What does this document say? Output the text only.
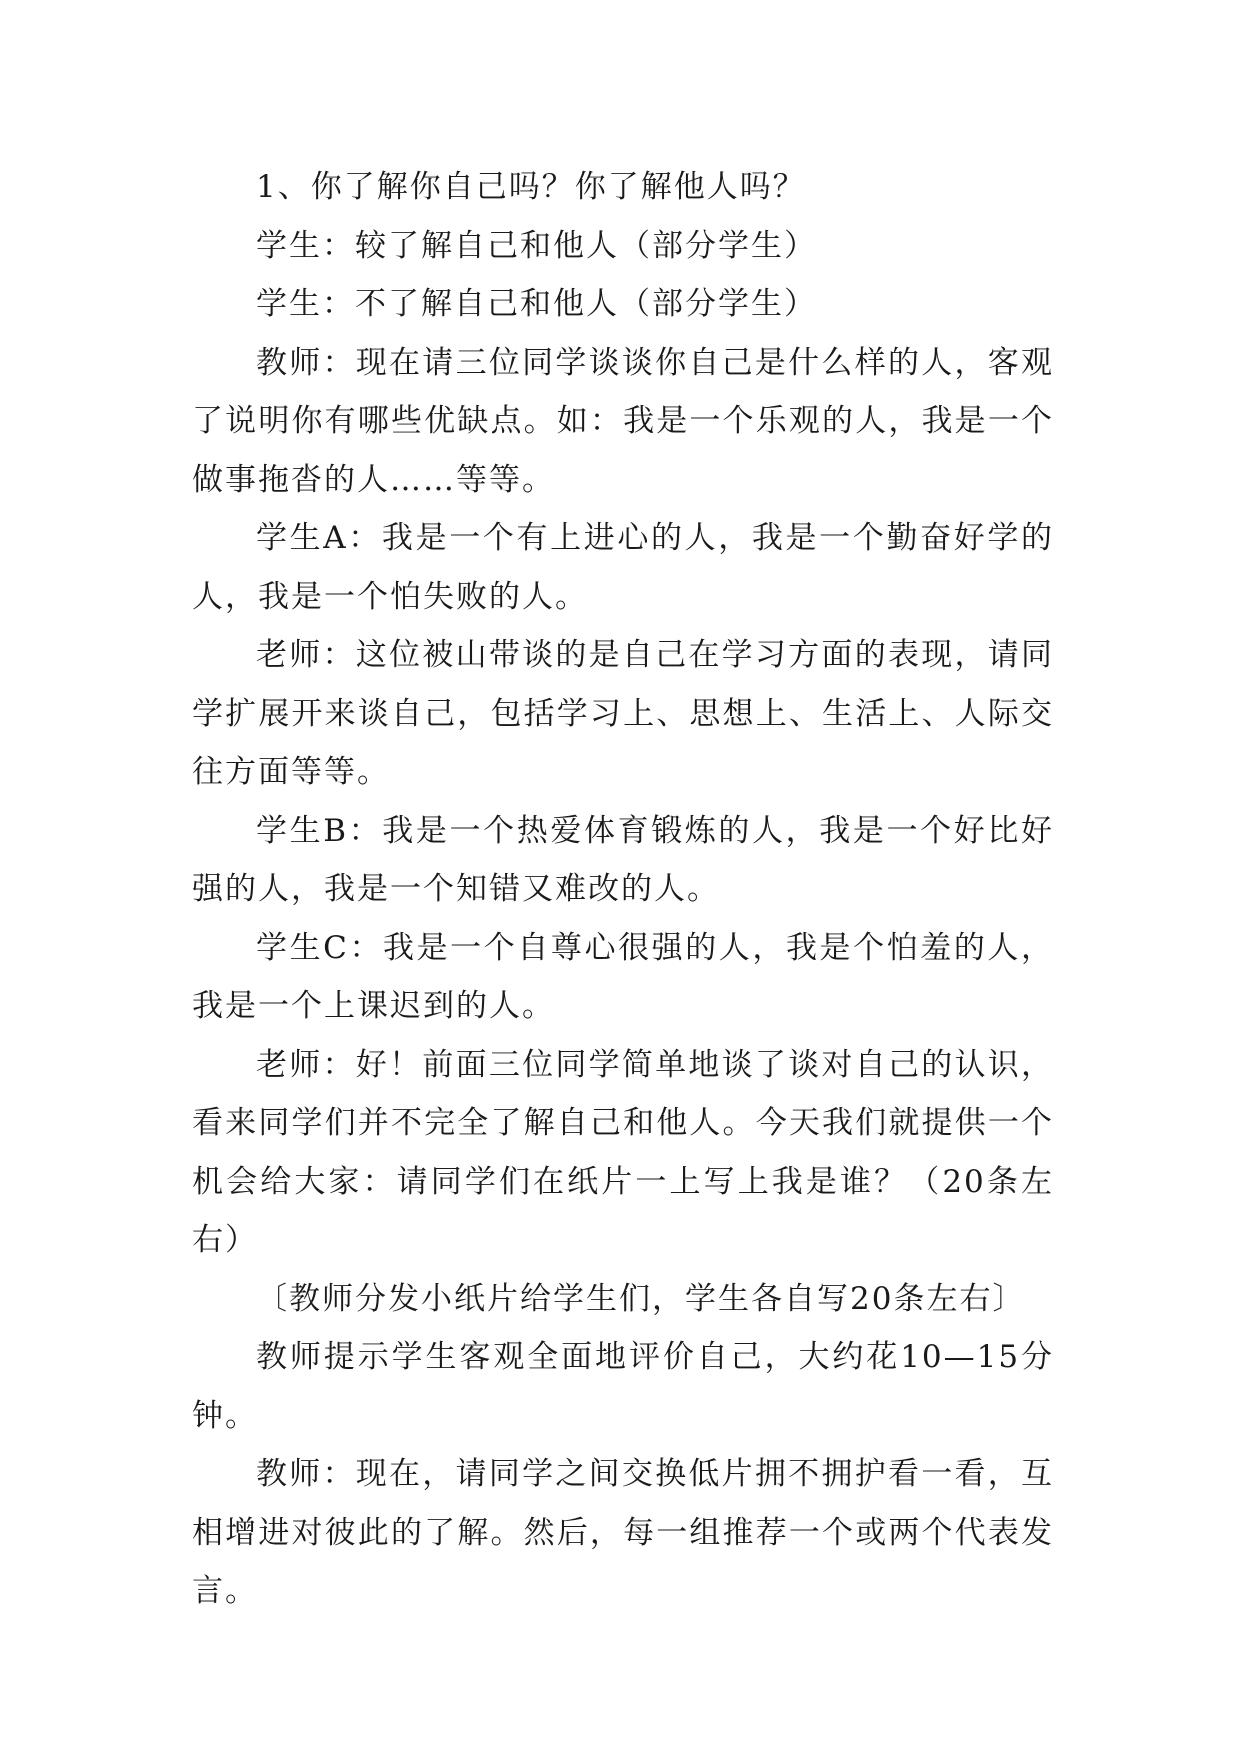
1、你了解你自己吗？你了解他人吗？

学生：较了解自己和他人（部分学生）

学生：不了解自己和他人（部分学生）

教师：现在请三位同学谈谈你自己是什么样的人，客观了说明你有哪些优缺点。如：我是一个乐观的人，我是一个做事拖沓的人……等等。

学生A：我是一个有上进心的人，我是一个勤奋好学的人，我是一个怕失败的人。

老师：这位被山带谈的是自己在学习方面的表现，请同学扩展开来谈自己，包括学习上、思想上、生活上、人际交往方面等等。

学生B：我是一个热爱体育锻炼的人，我是一个好比好强的人，我是一个知错又难改的人。

学生C：我是一个自尊心很强的人，我是个怕羞的人，我是一个上课迟到的人。

老师：好！前面三位同学简单地谈了谈对自己的认识，看来同学们并不完全了解自己和他人。今天我们就提供一个机会给大家：请同学们在纸片一上写上我是谁？（20条左右）

〔教师分发小纸片给学生们，学生各自写20条左右〕

教师提示学生客观全面地评价自己，大约花10—15分钟。

教师：现在，请同学之间交换低片拥不拥护看一看，互相增进对彼此的了解。然后，每一组推荐一个或两个代表发言。
